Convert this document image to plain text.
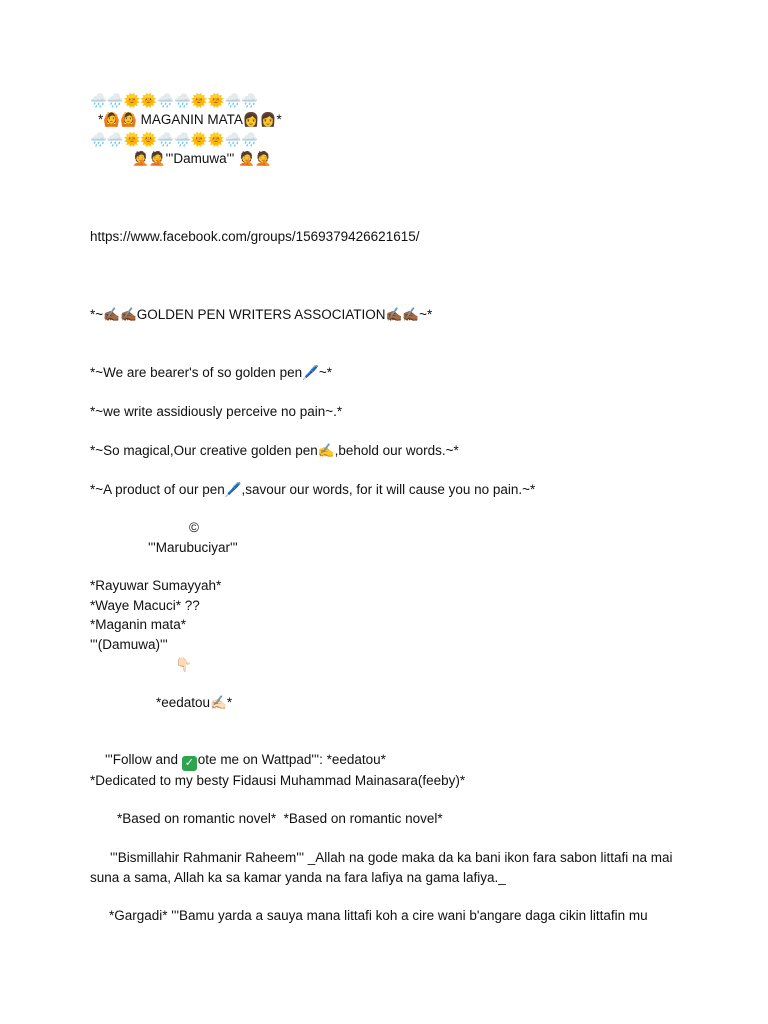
🌧️🌧️🌞🌞🌧️🌧️🌞🌞🌧️🌧️
*🙆🙆 MAGANIN MATA👩👩*
🌧️🌧️🌞🌞🌧️🌧️🌞🌞🌧️🌧️
🤦🤦'''Damuwa''' 🤦🤦
https://www.facebook.com/groups/1569379426621615/
*~✍🏾✍🏾GOLDEN PEN WRITERS ASSOCIATION✍🏾✍🏾~*
*~We are bearer's of so golden pen🖊️~*
*~we write assidiously perceive no pain~.*
*~So magical,Our creative golden pen✍,behold our words.~*
*~A product of our pen🖊️,savour our words, for it will cause you no pain.~*
©
'''Marubuciyar'''
*Rayuwar Sumayyah*
*Waye Macuci* ??
*Maganin mata*
'''(Damuwa)'''
👇🏻
*eedatou✍🏻*

'''Follow and ✓ ote me on Wattpad''': *eedatou*

*Dedicated to my besty Fidausi Muhammad Mainasara(feeby)*
*Based on romantic novel*  *Based on romantic novel*
'''Bismillahir Rahmanir Raheem''' _Allah na gode maka da ka bani ikon fara sabon littafi na mai suna a sama, Allah ka sa kamar yanda na fara lafiya na gama lafiya._
*Gargadi* '''Bamu yarda a sauya mana littafi koh a cire wani b'angare daga cikin littafin mu
